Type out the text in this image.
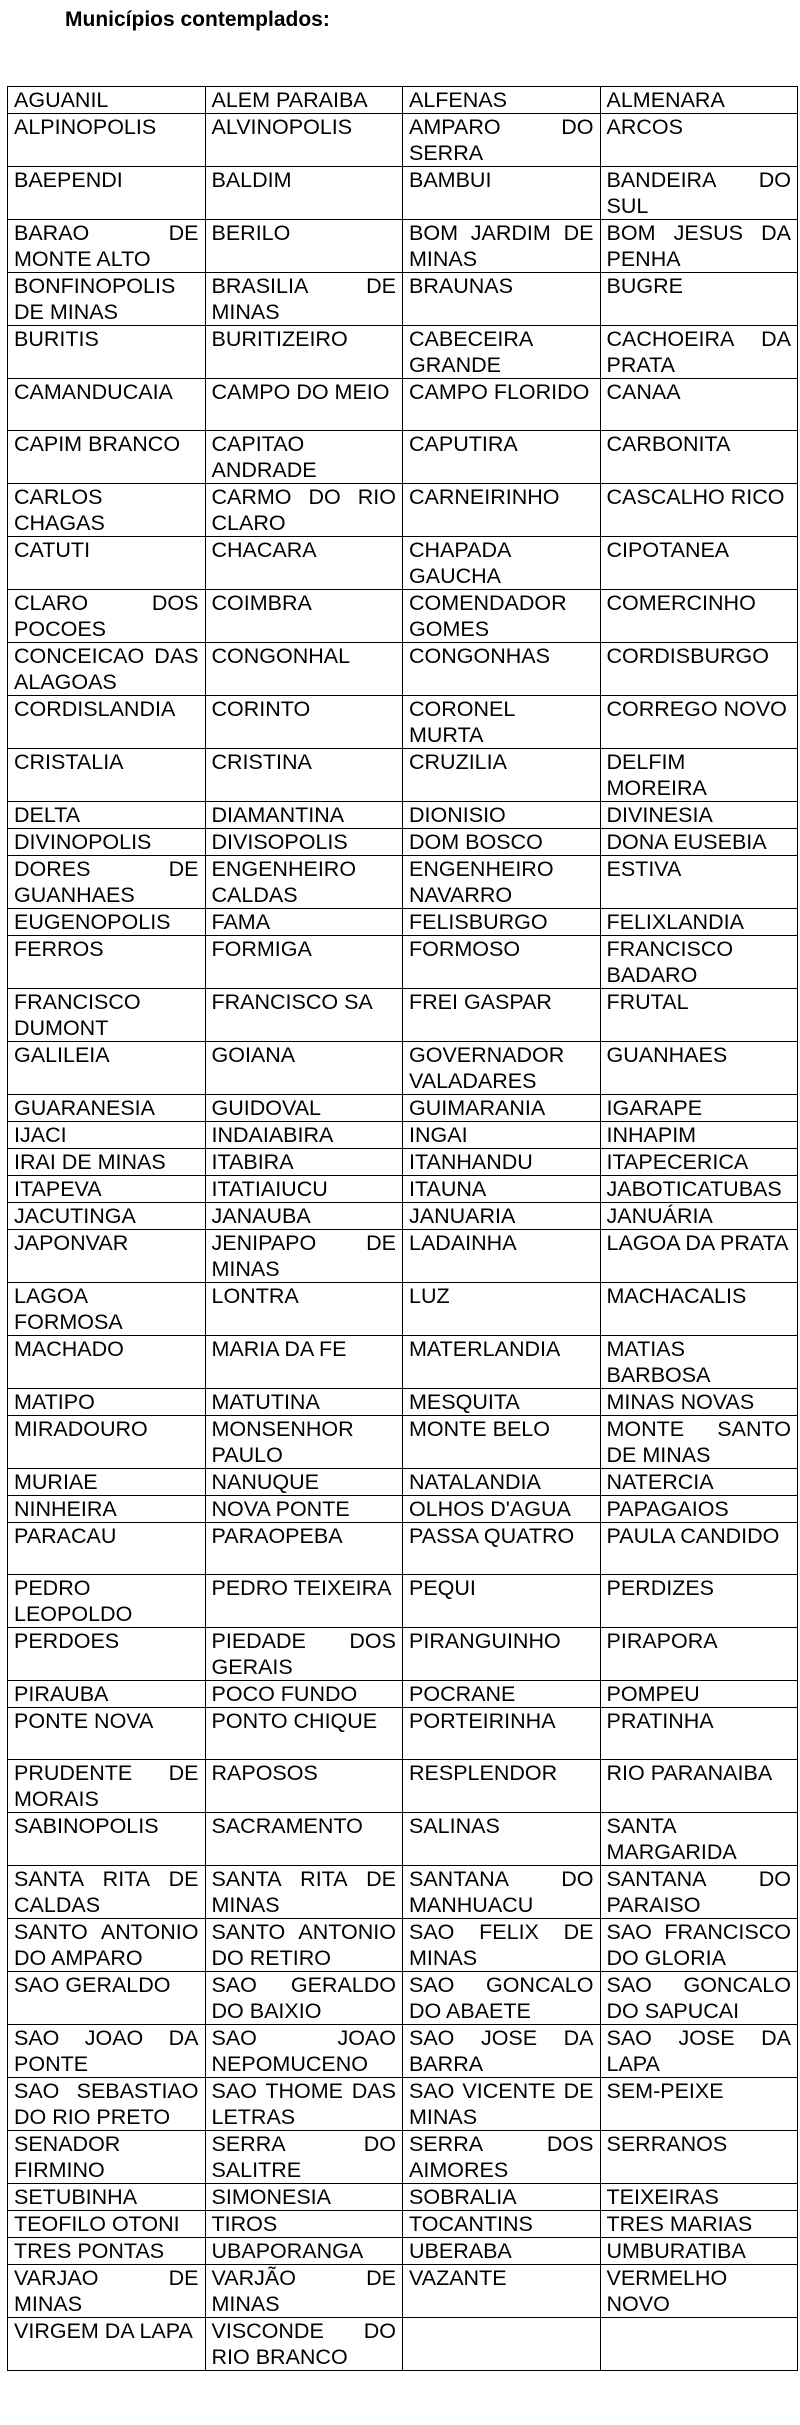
Municípios contemplados:
AGUANIL	ALEM PARAIBA	ALFENAS	ALMENARA
ALPINOPOLIS	ALVINOPOLIS	AMPARO DO SERRA	ARCOS
BAEPENDI	BALDIM	BAMBUI	BANDEIRA DO SUL
BARAO DE MONTE ALTO	BERILO	BOM JARDIM DE MINAS	BOM JESUS DA PENHA
BONFINOPOLIS DE MINAS	BRASILIA DE MINAS	BRAUNAS	BUGRE
BURITIS	BURITIZEIRO	CABECEIRA GRANDE	CACHOEIRA DA PRATA
CAMANDUCAIA	CAMPO DO MEIO	CAMPO FLORIDO	CANAA
CAPIM BRANCO	CAPITAO ANDRADE	CAPUTIRA	CARBONITA
CARLOS CHAGAS	CARMO DO RIO CLARO	CARNEIRINHO	CASCALHO RICO
CATUTI	CHACARA	CHAPADA GAUCHA	CIPOTANEA
CLARO DOS POCOES	COIMBRA	COMENDADOR GOMES	COMERCINHO
CONCEICAO DAS ALAGOAS	CONGONHAL	CONGONHAS	CORDISBURGO
CORDISLANDIA	CORINTO	CORONEL MURTA	CORREGO NOVO
CRISTALIA	CRISTINA	CRUZILIA	DELFIM MOREIRA
DELTA	DIAMANTINA	DIONISIO	DIVINESIA
DIVINOPOLIS	DIVISOPOLIS	DOM BOSCO	DONA EUSEBIA
DORES DE GUANHAES	ENGENHEIRO CALDAS	ENGENHEIRO NAVARRO	ESTIVA
EUGENOPOLIS	FAMA	FELISBURGO	FELIXLANDIA
FERROS	FORMIGA	FORMOSO	FRANCISCO BADARO
FRANCISCO DUMONT	FRANCISCO SA	FREI GASPAR	FRUTAL
GALILEIA	GOIANA	GOVERNADOR VALADARES	GUANHAES
GUARANESIA	GUIDOVAL	GUIMARANIA	IGARAPE
IJACI	INDAIABIRA	INGAI	INHAPIM
IRAI DE MINAS	ITABIRA	ITANHANDU	ITAPECERICA
ITAPEVA	ITATIAIUCU	ITAUNA	JABOTICATUBAS
JACUTINGA	JANAUBA	JANUARIA	JANUÁRIA
JAPONVAR	JENIPAPO DE MINAS	LADAINHA	LAGOA DA PRATA
LAGOA FORMOSA	LONTRA	LUZ	MACHACALIS
MACHADO	MARIA DA FE	MATERLANDIA	MATIAS BARBOSA
MATIPO	MATUTINA	MESQUITA	MINAS NOVAS
MIRADOURO	MONSENHOR PAULO	MONTE BELO	MONTE SANTO DE MINAS
MURIAE	NANUQUE	NATALANDIA	NATERCIA
NINHEIRA	NOVA PONTE	OLHOS D'AGUA	PAPAGAIOS
PARACAU	PARAOPEBA	PASSA QUATRO	PAULA CANDIDO
PEDRO LEOPOLDO	PEDRO TEIXEIRA	PEQUI	PERDIZES
PERDOES	PIEDADE DOS GERAIS	PIRANGUINHO	PIRAPORA
PIRAUBA	POCO FUNDO	POCRANE	POMPEU
PONTE NOVA	PONTO CHIQUE	PORTEIRINHA	PRATINHA
PRUDENTE DE MORAIS	RAPOSOS	RESPLENDOR	RIO PARANAIBA
SABINOPOLIS	SACRAMENTO	SALINAS	SANTA MARGARIDA
SANTA RITA DE CALDAS	SANTA RITA DE MINAS	SANTANA DO MANHUACU	SANTANA DO PARAISO
SANTO ANTONIO DO AMPARO	SANTO ANTONIO DO RETIRO	SAO FELIX DE MINAS	SAO FRANCISCO DO GLORIA
SAO GERALDO	SAO GERALDO DO BAIXIO	SAO GONCALO DO ABAETE	SAO GONCALO DO SAPUCAI
SAO JOAO DA PONTE	SAO JOAO NEPOMUCENO	SAO JOSE DA BARRA	SAO JOSE DA LAPA
SAO SEBASTIAO DO RIO PRETO	SAO THOME DAS LETRAS	SAO VICENTE DE MINAS	SEM-PEIXE
SENADOR FIRMINO	SERRA DO SALITRE	SERRA DOS AIMORES	SERRANOS
SETUBINHA	SIMONESIA	SOBRALIA	TEIXEIRAS
TEOFILO OTONI	TIROS	TOCANTINS	TRES MARIAS
TRES PONTAS	UBAPORANGA	UBERABA	UMBURATIBA
VARJAO DE MINAS	VARJÃO DE MINAS	VAZANTE	VERMELHO NOVO
VIRGEM DA LAPA	VISCONDE DO RIO BRANCO		
